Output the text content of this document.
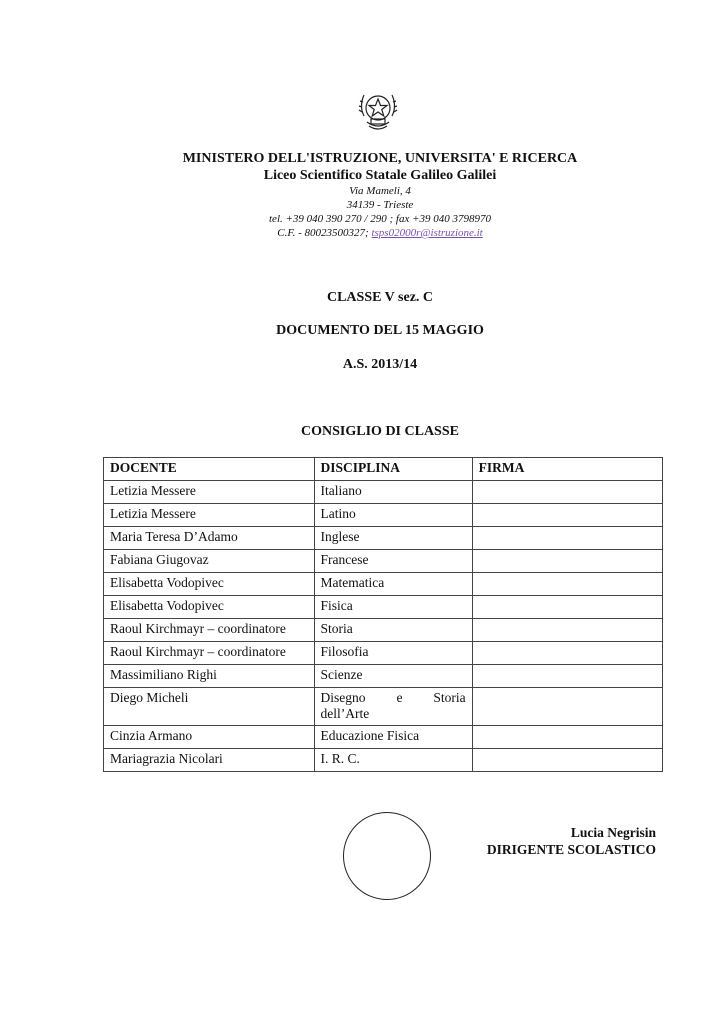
MINISTERO DELL'ISTRUZIONE, UNIVERSITA' E RICERCA
Liceo Scientifico Statale Galileo Galilei
Via Mameli, 4
34139 - Trieste
tel. +39 040 390 270 / 290 ; fax +39 040 3798970
C.F. - 80023500327; tsps02000r@istruzione.it
CLASSE V sez. C
DOCUMENTO DEL 15 MAGGIO
A.S. 2013/14
CONSIGLIO DI CLASSE
DOCENTE	DISCIPLINA	FIRMA
Letizia Messere	Italiano	
Letizia Messere	Latino	
Maria Teresa D’Adamo	Inglese	
Fabiana Giugovaz	Francese	
Elisabetta Vodopivec	Matematica	
Elisabetta Vodopivec	Fisica	
Raoul Kirchmayr – coordinatore	Storia	
Raoul Kirchmayr – coordinatore	Filosofia	
Massimiliano Righi	Scienze	
Diego Micheli	Disegno e Storia
dell’Arte	

Cinzia Armano	Educazione Fisica	
Mariagrazia Nicolari	I. R. C.	
Lucia Negrisin
DIRIGENTE SCOLASTICO
